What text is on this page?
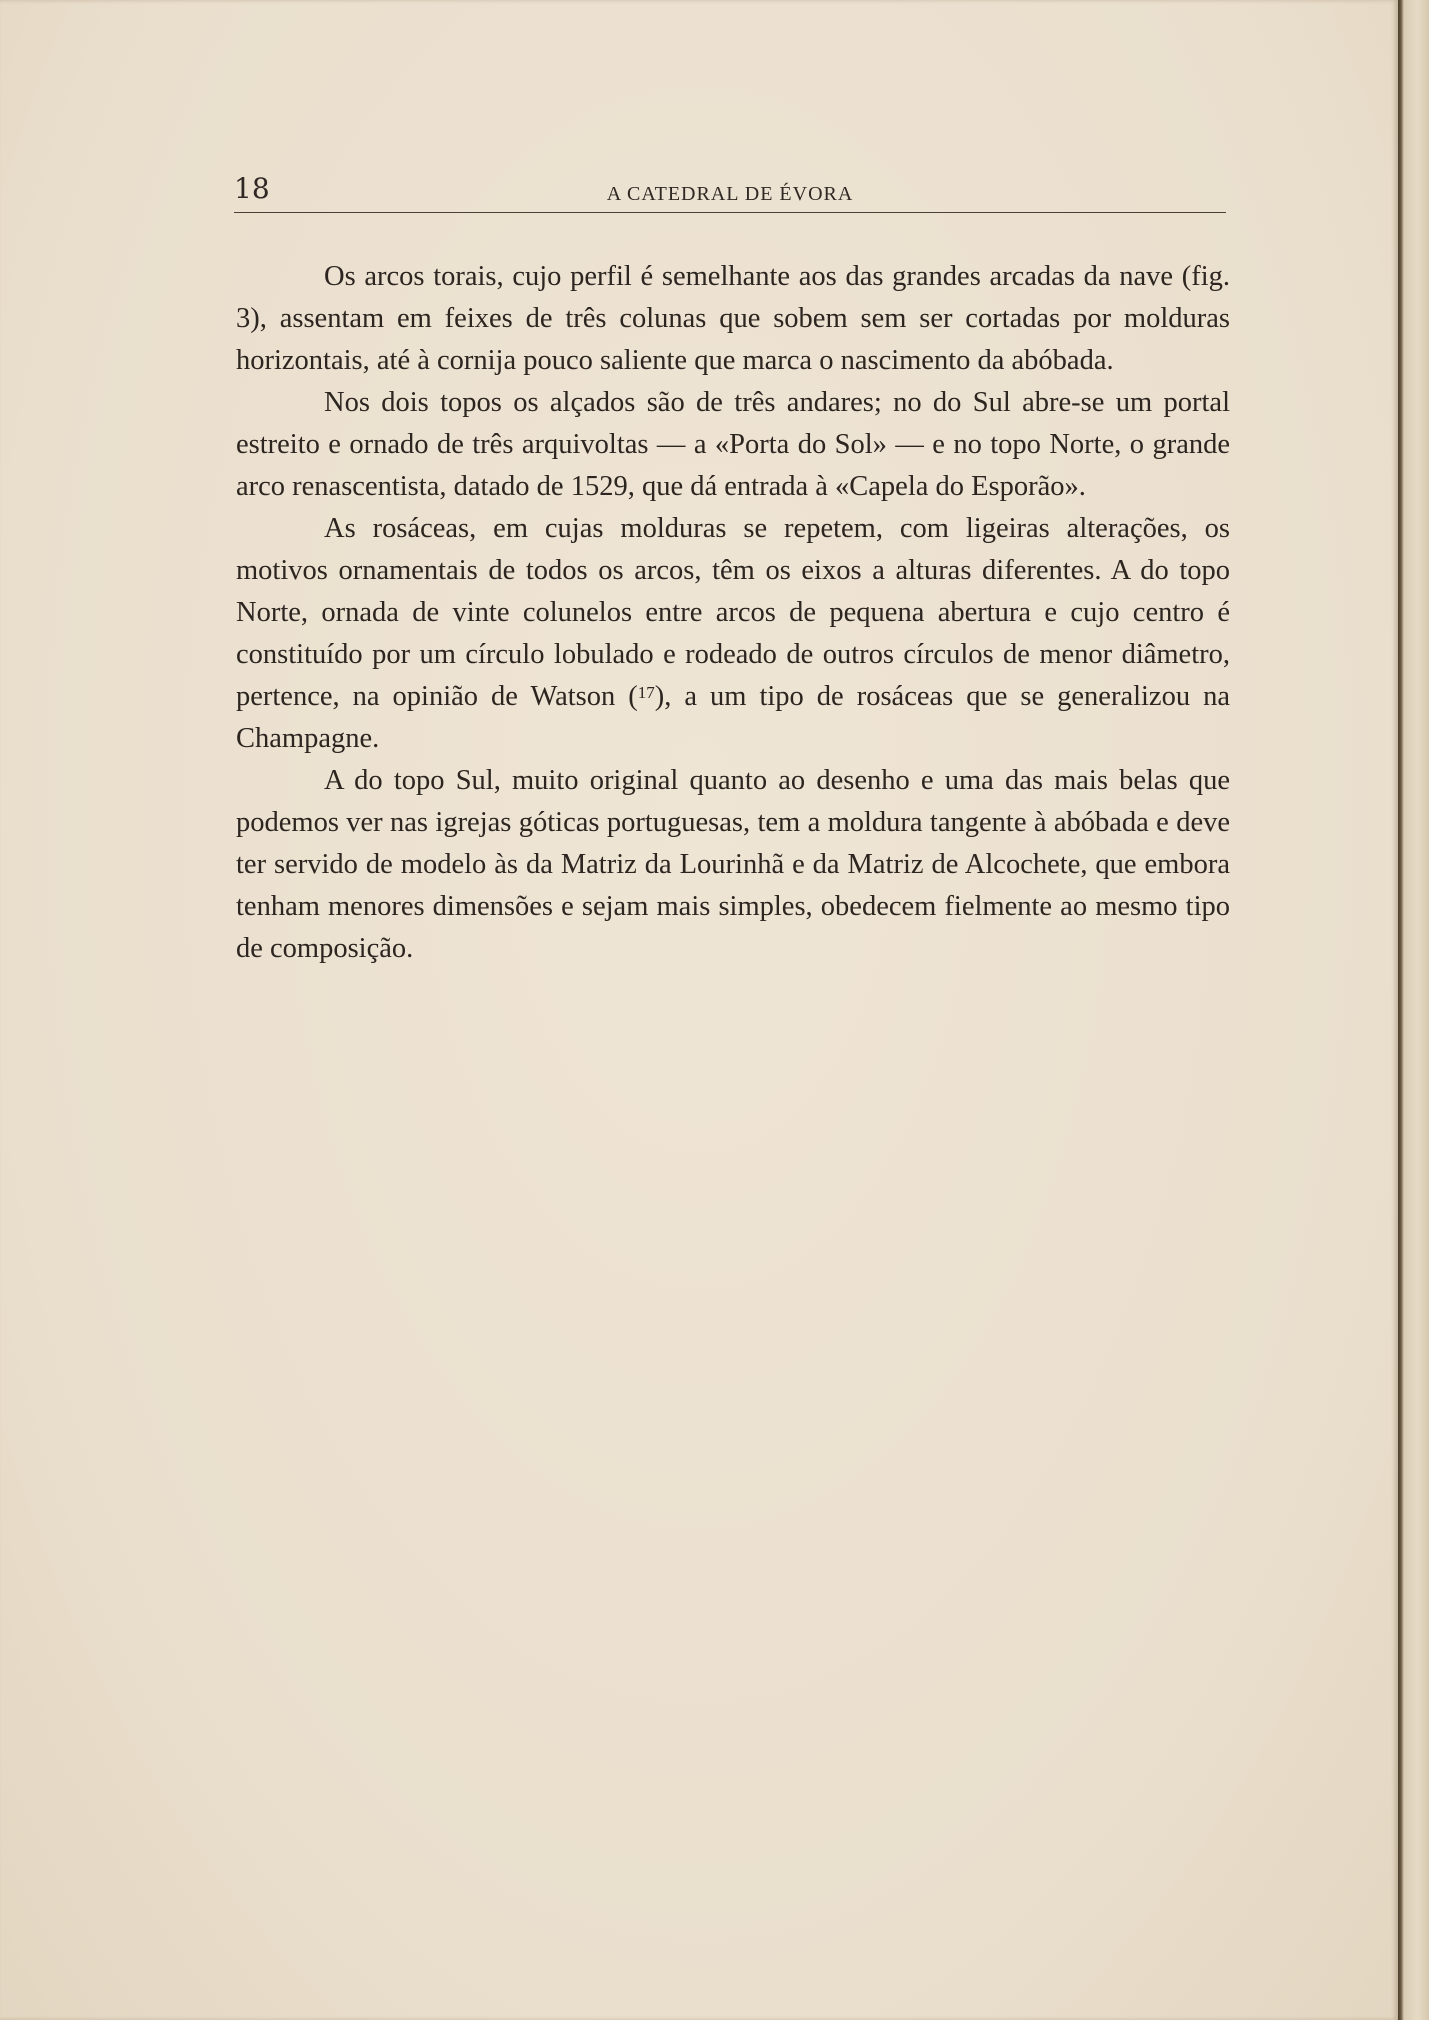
18	A CATEDRAL DE ÉVORA

Os arcos torais, cujo perfil é semelhante aos das grandes arcadas da nave (fig. 3), assentam em feixes de três colunas que sobem sem ser cortadas por molduras horizontais, até à cornija pouco saliente que marca o nascimento da abóbada.

Nos dois topos os alçados são de três andares; no do Sul abre-se um portal estreito e ornado de três arquivoltas — a «Porta do Sol» — e no topo Norte, o grande arco renascentista, datado de 1529, que dá entrada à «Capela do Esporão».

As rosáceas, em cujas molduras se repetem, com ligeiras alterações, os motivos ornamentais de todos os arcos, têm os eixos a alturas diferentes. A do topo Norte, ornada de vinte colunelos entre arcos de pequena abertura e cujo centro é constituído por um círculo lobulado e rodeado de outros círculos de menor diâmetro, pertence, na opinião de Watson ($^{17}$), a um tipo de rosáceas que se generalizou na Champagne.

A do topo Sul, muito original quanto ao desenho e uma das mais belas que podemos ver nas igrejas góticas portuguesas, tem a moldura tangente à abóbada e deve ter servido de modelo às da Matriz da Lourinhã e da Matriz de Alcochete, que embora tenham menores dimensões e sejam mais simples, obedecem fielmente ao mesmo tipo de composição.
